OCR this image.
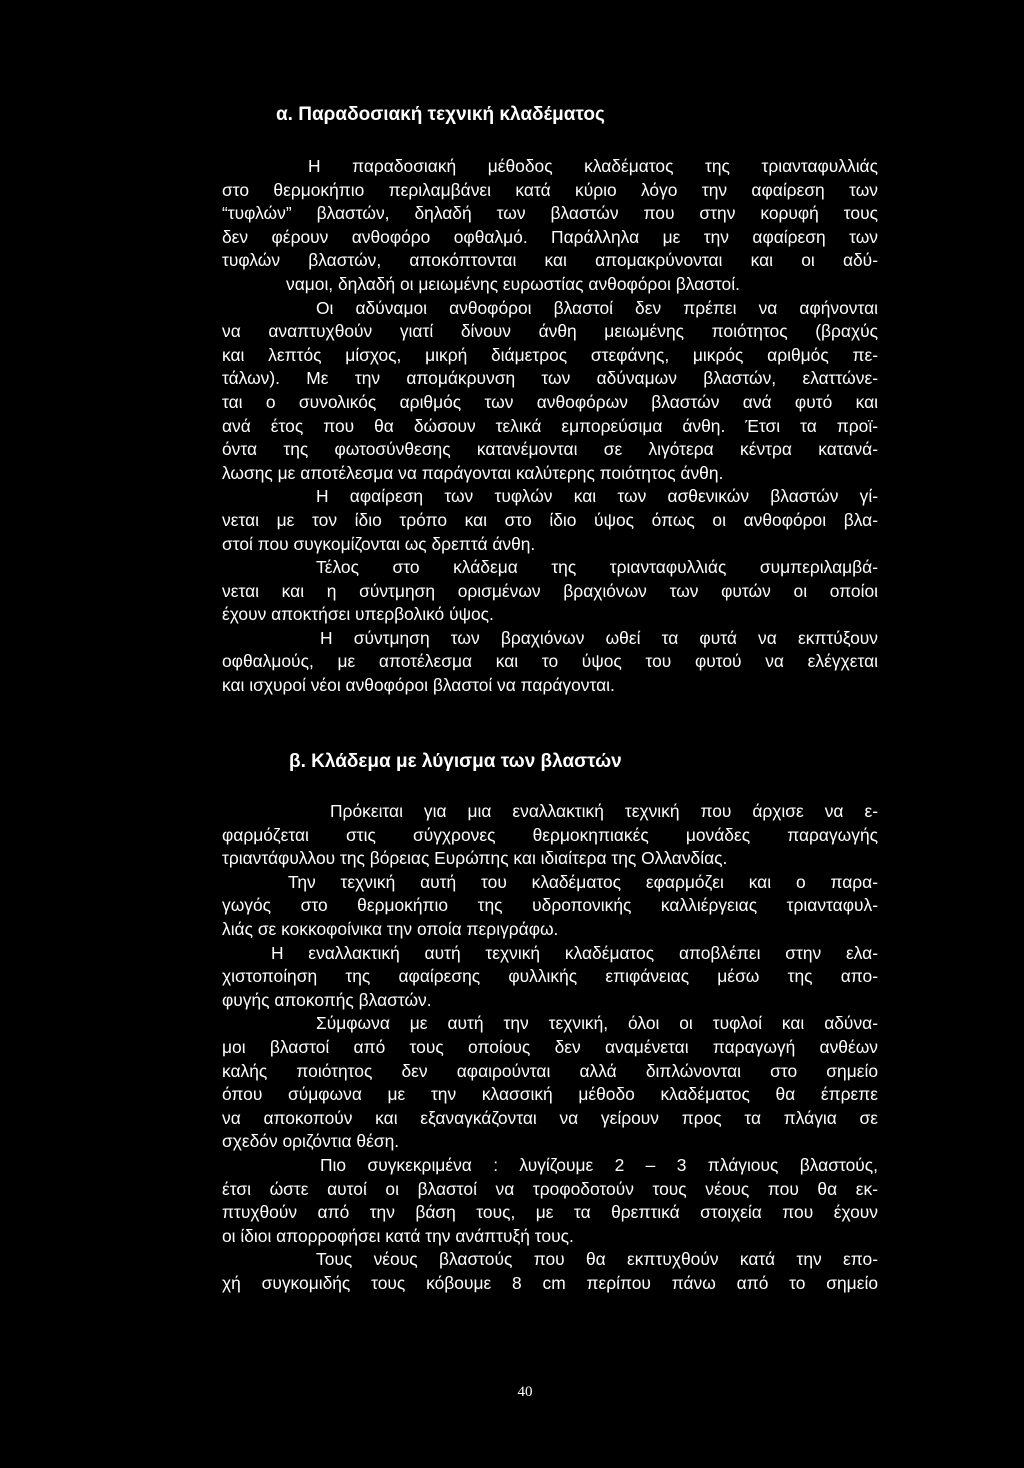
α. Παραδοσιακή τεχνική κλαδέματος
Η παραδοσιακή μέθοδος κλαδέματος της τριανταφυλλιάς
στο θερμοκήπιο περιλαμβάνει κατά κύριο λόγο την αφαίρεση των
“τυφλών” βλαστών, δηλαδή των βλαστών που στην κορυφή τους
δεν φέρουν ανθοφόρο οφθαλμό. Παράλληλα με την αφαίρεση των
τυφλών βλαστών, αποκόπτονται και απομακρύνονται και οι αδύ-
ναμοι, δηλαδή οι μειωμένης ευρωστίας ανθοφόροι βλαστοί.
Οι αδύναμοι ανθοφόροι βλαστοί δεν πρέπει να αφήνονται
να αναπτυχθούν γιατί δίνουν άνθη μειωμένης ποιότητος (βραχύς
και λεπτός μίσχος, μικρή διάμετρος στεφάνης, μικρός αριθμός πε-
τάλων). Με την απομάκρυνση των αδύναμων βλαστών, ελαττώνε-
ται ο συνολικός αριθμός των ανθοφόρων βλαστών ανά φυτό και
ανά έτος που θα δώσουν τελικά εμπορεύσιμα άνθη. Έτσι τα προϊ-
όντα της φωτοσύνθεσης κατανέμονται σε λιγότερα κέντρα κατανά-
λωσης με αποτέλεσμα να παράγονται καλύτερης ποιότητος άνθη.
Η αφαίρεση των τυφλών και των ασθενικών βλαστών γί-
νεται με τον ίδιο τρόπο και στο ίδιο ύψος όπως οι ανθοφόροι βλα-
στοί που συγκομίζονται ως δρεπτά άνθη.
Τέλος στο κλάδεμα της τριανταφυλλιάς συμπεριλαμβά-
νεται και η σύντμηση ορισμένων βραχιόνων των φυτών οι οποίοι
έχουν αποκτήσει υπερβολικό ύψος.
Η σύντμηση των βραχιόνων ωθεί τα φυτά να εκπτύξουν
οφθαλμούς, με αποτέλεσμα και το ύψος του φυτού να ελέγχεται
και ισχυροί νέοι ανθοφόροι βλαστοί να παράγονται.
β. Κλάδεμα με λύγισμα των βλαστών
Πρόκειται για μια εναλλακτική τεχνική που άρχισε να ε-
φαρμόζεται στις σύγχρονες θερμοκηπιακές μονάδες παραγωγής
τριαντάφυλλου της βόρειας Ευρώπης και ιδιαίτερα της Ολλανδίας.
Την τεχνική αυτή του κλαδέματος εφαρμόζει και ο παρα-
γωγός στο θερμοκήπιο της υδροπονικής καλλιέργειας τριανταφυλ-
λιάς σε κοκκοφοίνικα την οποία περιγράφω.
Η εναλλακτική αυτή τεχνική κλαδέματος αποβλέπει στην ελα-
χιστοποίηση της αφαίρεσης φυλλικής επιφάνειας μέσω της απο-
φυγής αποκοπής βλαστών.
Σύμφωνα με αυτή την τεχνική, όλοι οι τυφλοί και αδύνα-
μοι βλαστοί από τους οποίους δεν αναμένεται παραγωγή ανθέων
καλής ποιότητος δεν αφαιρούνται αλλά διπλώνονται στο σημείο
όπου σύμφωνα με την κλασσική μέθοδο κλαδέματος θα έπρεπε
να αποκοπούν και εξαναγκάζονται να γείρουν προς τα πλάγια σε
σχεδόν οριζόντια θέση.
Πιο συγκεκριμένα : λυγίζουμε 2 – 3 πλάγιους βλαστούς,
έτσι ώστε αυτοί οι βλαστοί να τροφοδοτούν τους νέους που θα εκ-
πτυχθούν από την βάση τους, με τα θρεπτικά στοιχεία που έχουν
οι ίδιοι απορροφήσει κατά την ανάπτυξή τους.
Τους νέους βλαστούς που θα εκπτυχθούν κατά την επο-
χή συγκομιδής τους κόβουμε 8 cm περίπου πάνω από το σημείο
40
